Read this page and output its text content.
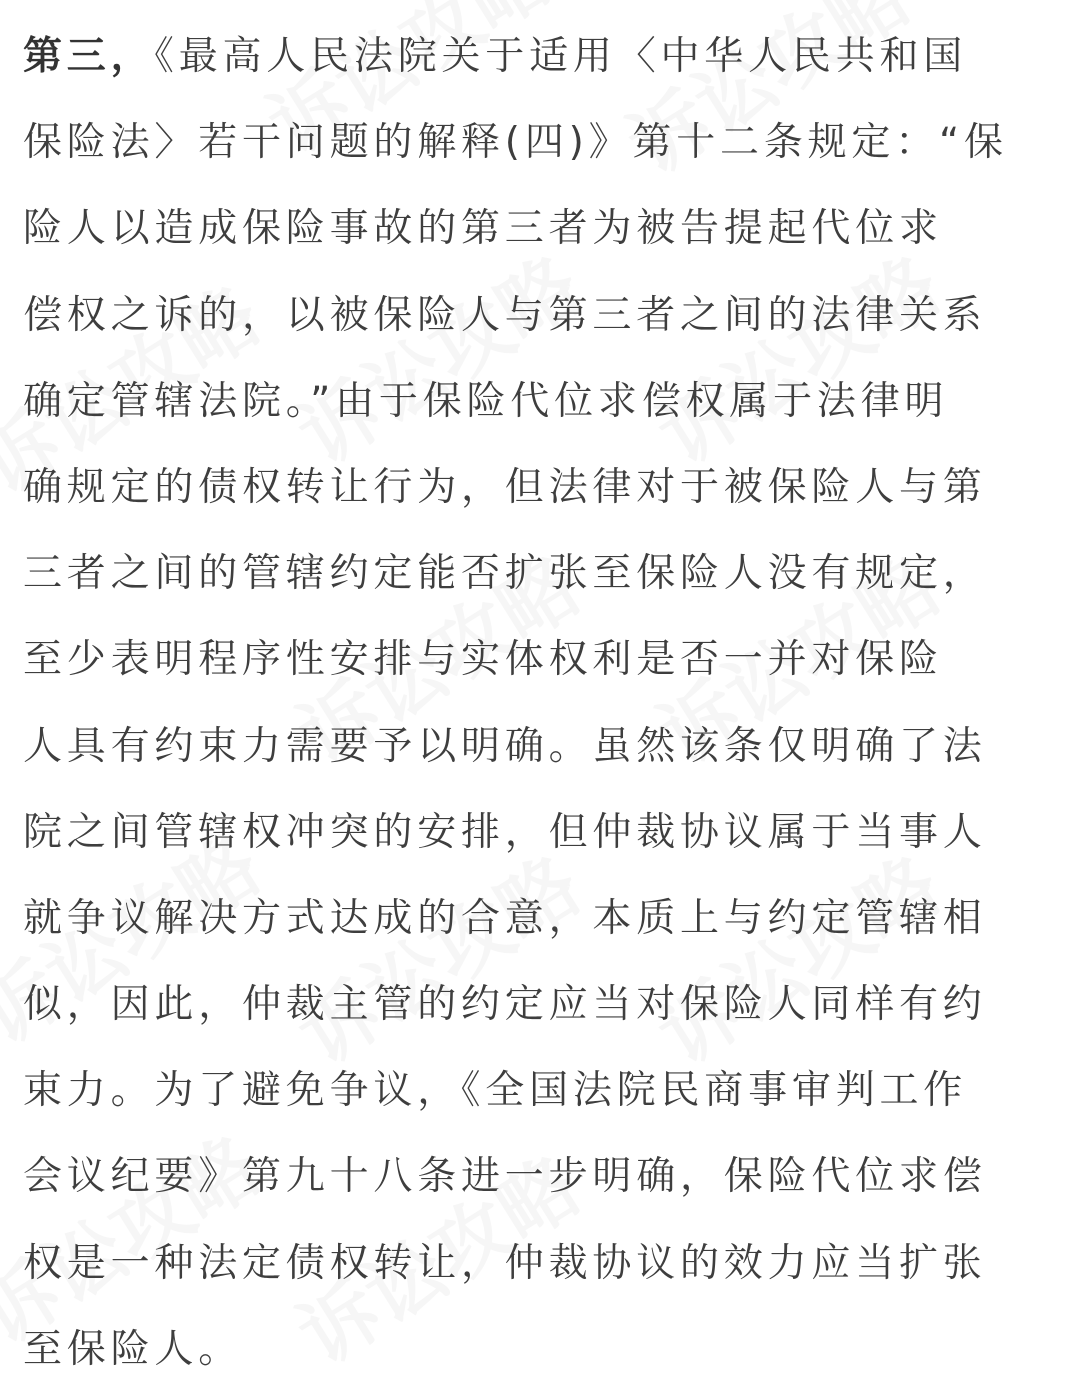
第三，《最高人民法院关于适用〈中华人民共和国
保险法〉若干问题的解释(四)》第十二条规定：“保
险人以造成保险事故的第三者为被告提起代位求
偿权之诉的，以被保险人与第三者之间的法律关系
确定管辖法院。”由于保险代位求偿权属于法律明
确规定的债权转让行为，但法律对于被保险人与第
三者之间的管辖约定能否扩张至保险人没有规定，
至少表明程序性安排与实体权利是否一并对保险
人具有约束力需要予以明确。虽然该条仅明确了法
院之间管辖权冲突的安排，但仲裁协议属于当事人
就争议解决方式达成的合意，本质上与约定管辖相
似，因此，仲裁主管的约定应当对保险人同样有约
束力。为了避免争议，《全国法院民商事审判工作
会议纪要》第九十八条进一步明确，保险代位求偿
权是一种法定债权转让，仲裁协议的效力应当扩张
至保险人。
